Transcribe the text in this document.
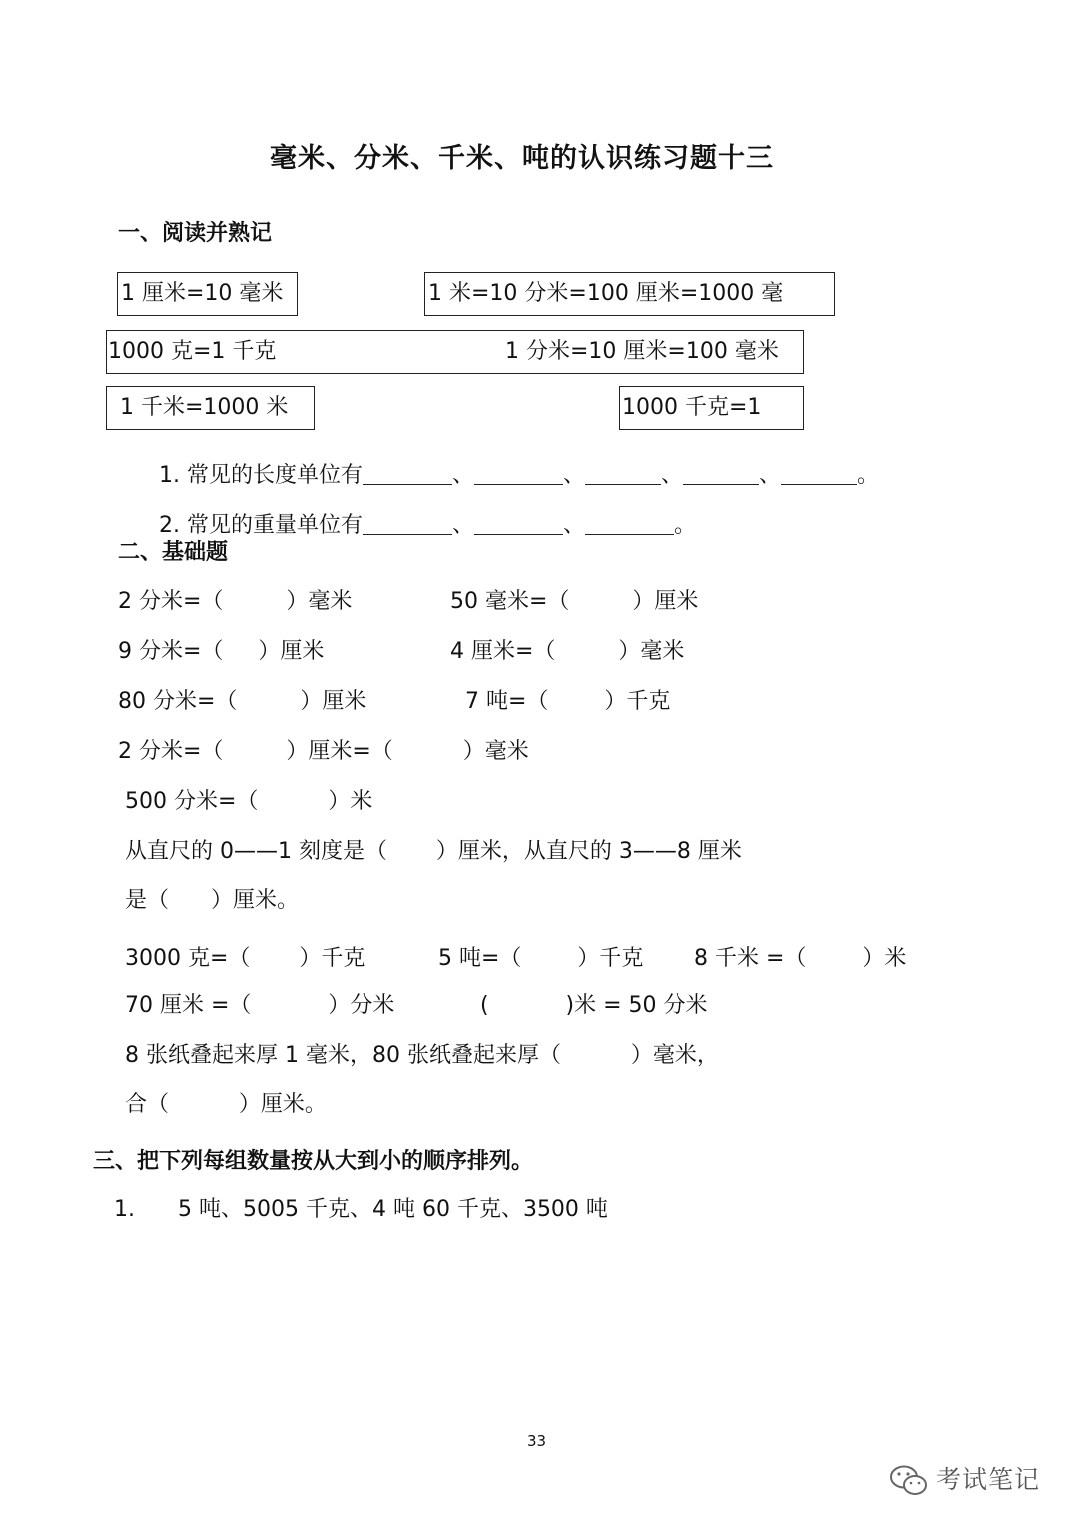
毫米、分米、千米、吨的认识练习题十三
一、阅读并熟记
1 厘米=10 毫米	1 米=10 分米=100 厘米=1000 毫
1000 克=1 千克	1 分米=10 厘米=100 毫米
1 千米=1000 米	1000 千克=1

1. 常见的长度单位有	、	、	、	、	。

2. 常见的重量单位有	、	、	。

二、基础题
2 分米=（         ）毫米	50 毫米=（         ）厘米
9 分米=（     ）厘米	4 厘米=（         ）毫米
80 分米=（         ）厘米	7 吨=（        ）千克
2 分米=（         ）厘米=（          ）毫米
500 分米=（          ）米
从直尺的 0——1 刻度是（       ）厘米，从直尺的 3——8 厘米
是（      ）厘米。
3000 克=（       ）千克	5 吨=（        ）千克 8 千米 =（        ）米
70 厘米 =（           ）分米	(           )米 = 50 分米
8 张纸叠起来厚 1 毫米，80 张纸叠起来厚（          ）毫米，
合（          ）厘米。
三、把下列每组数量按从大到小的顺序排列。
1. 5 吨、5005 千克、4 吨 60 千克、3500 吨
33

考试笔记
